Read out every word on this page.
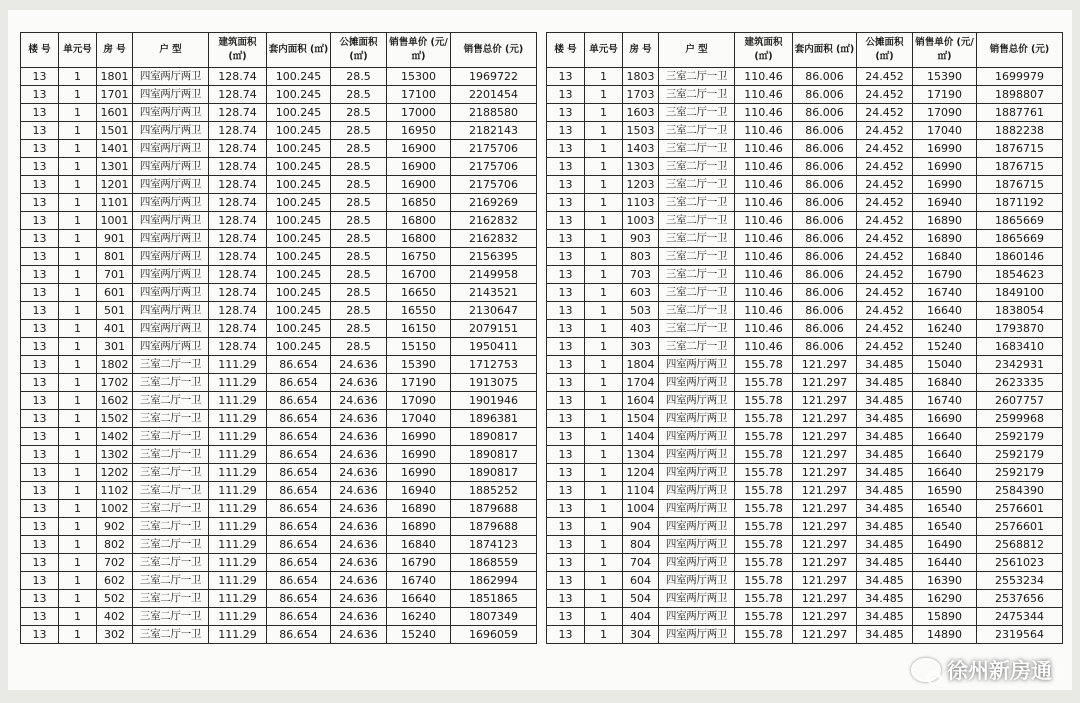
楼 号	单元号	房 号	户 型	建筑面积 (㎡)	套内面积 (㎡)	公摊面积 (㎡)	销售单价 (元/㎡)	销售总价 (元)
13	1	1801	四室两厅两卫	128.74	100.245	28.5	15300	1969722
13	1	1701	四室两厅两卫	128.74	100.245	28.5	17100	2201454
13	1	1601	四室两厅两卫	128.74	100.245	28.5	17000	2188580
13	1	1501	四室两厅两卫	128.74	100.245	28.5	16950	2182143
13	1	1401	四室两厅两卫	128.74	100.245	28.5	16900	2175706
13	1	1301	四室两厅两卫	128.74	100.245	28.5	16900	2175706
13	1	1201	四室两厅两卫	128.74	100.245	28.5	16900	2175706
13	1	1101	四室两厅两卫	128.74	100.245	28.5	16850	2169269
13	1	1001	四室两厅两卫	128.74	100.245	28.5	16800	2162832
13	1	901	四室两厅两卫	128.74	100.245	28.5	16800	2162832
13	1	801	四室两厅两卫	128.74	100.245	28.5	16750	2156395
13	1	701	四室两厅两卫	128.74	100.245	28.5	16700	2149958
13	1	601	四室两厅两卫	128.74	100.245	28.5	16650	2143521
13	1	501	四室两厅两卫	128.74	100.245	28.5	16550	2130647
13	1	401	四室两厅两卫	128.74	100.245	28.5	16150	2079151
13	1	301	四室两厅两卫	128.74	100.245	28.5	15150	1950411
13	1	1802	三室二厅一卫	111.29	86.654	24.636	15390	1712753
13	1	1702	三室二厅一卫	111.29	86.654	24.636	17190	1913075
13	1	1602	三室二厅一卫	111.29	86.654	24.636	17090	1901946
13	1	1502	三室二厅一卫	111.29	86.654	24.636	17040	1896381
13	1	1402	三室二厅一卫	111.29	86.654	24.636	16990	1890817
13	1	1302	三室二厅一卫	111.29	86.654	24.636	16990	1890817
13	1	1202	三室二厅一卫	111.29	86.654	24.636	16990	1890817
13	1	1102	三室二厅一卫	111.29	86.654	24.636	16940	1885252
13	1	1002	三室二厅一卫	111.29	86.654	24.636	16890	1879688
13	1	902	三室二厅一卫	111.29	86.654	24.636	16890	1879688
13	1	802	三室二厅一卫	111.29	86.654	24.636	16840	1874123
13	1	702	三室二厅一卫	111.29	86.654	24.636	16790	1868559
13	1	602	三室二厅一卫	111.29	86.654	24.636	16740	1862994
13	1	502	三室二厅一卫	111.29	86.654	24.636	16640	1851865
13	1	402	三室二厅一卫	111.29	86.654	24.636	16240	1807349
13	1	302	三室二厅一卫	111.29	86.654	24.636	15240	1696059
楼 号	单元号	房 号	户 型	建筑面积 (㎡)	套内面积 (㎡)	公摊面积 (㎡)	销售单价 (元/㎡)	销售总价 (元)
13	1	1803	三室二厅一卫	110.46	86.006	24.452	15390	1699979
13	1	1703	三室二厅一卫	110.46	86.006	24.452	17190	1898807
13	1	1603	三室二厅一卫	110.46	86.006	24.452	17090	1887761
13	1	1503	三室二厅一卫	110.46	86.006	24.452	17040	1882238
13	1	1403	三室二厅一卫	110.46	86.006	24.452	16990	1876715
13	1	1303	三室二厅一卫	110.46	86.006	24.452	16990	1876715
13	1	1203	三室二厅一卫	110.46	86.006	24.452	16990	1876715
13	1	1103	三室二厅一卫	110.46	86.006	24.452	16940	1871192
13	1	1003	三室二厅一卫	110.46	86.006	24.452	16890	1865669
13	1	903	三室二厅一卫	110.46	86.006	24.452	16890	1865669
13	1	803	三室二厅一卫	110.46	86.006	24.452	16840	1860146
13	1	703	三室二厅一卫	110.46	86.006	24.452	16790	1854623
13	1	603	三室二厅一卫	110.46	86.006	24.452	16740	1849100
13	1	503	三室二厅一卫	110.46	86.006	24.452	16640	1838054
13	1	403	三室二厅一卫	110.46	86.006	24.452	16240	1793870
13	1	303	三室二厅一卫	110.46	86.006	24.452	15240	1683410
13	1	1804	四室两厅两卫	155.78	121.297	34.485	15040	2342931
13	1	1704	四室两厅两卫	155.78	121.297	34.485	16840	2623335
13	1	1604	四室两厅两卫	155.78	121.297	34.485	16740	2607757
13	1	1504	四室两厅两卫	155.78	121.297	34.485	16690	2599968
13	1	1404	四室两厅两卫	155.78	121.297	34.485	16640	2592179
13	1	1304	四室两厅两卫	155.78	121.297	34.485	16640	2592179
13	1	1204	四室两厅两卫	155.78	121.297	34.485	16640	2592179
13	1	1104	四室两厅两卫	155.78	121.297	34.485	16590	2584390
13	1	1004	四室两厅两卫	155.78	121.297	34.485	16540	2576601
13	1	904	四室两厅两卫	155.78	121.297	34.485	16540	2576601
13	1	804	四室两厅两卫	155.78	121.297	34.485	16490	2568812
13	1	704	四室两厅两卫	155.78	121.297	34.485	16440	2561023
13	1	604	四室两厅两卫	155.78	121.297	34.485	16390	2553234
13	1	504	四室两厅两卫	155.78	121.297	34.485	16290	2537656
13	1	404	四室两厅两卫	155.78	121.297	34.485	15890	2475344
13	1	304	四室两厅两卫	155.78	121.297	34.485	14890	2319564
徐州新房通
